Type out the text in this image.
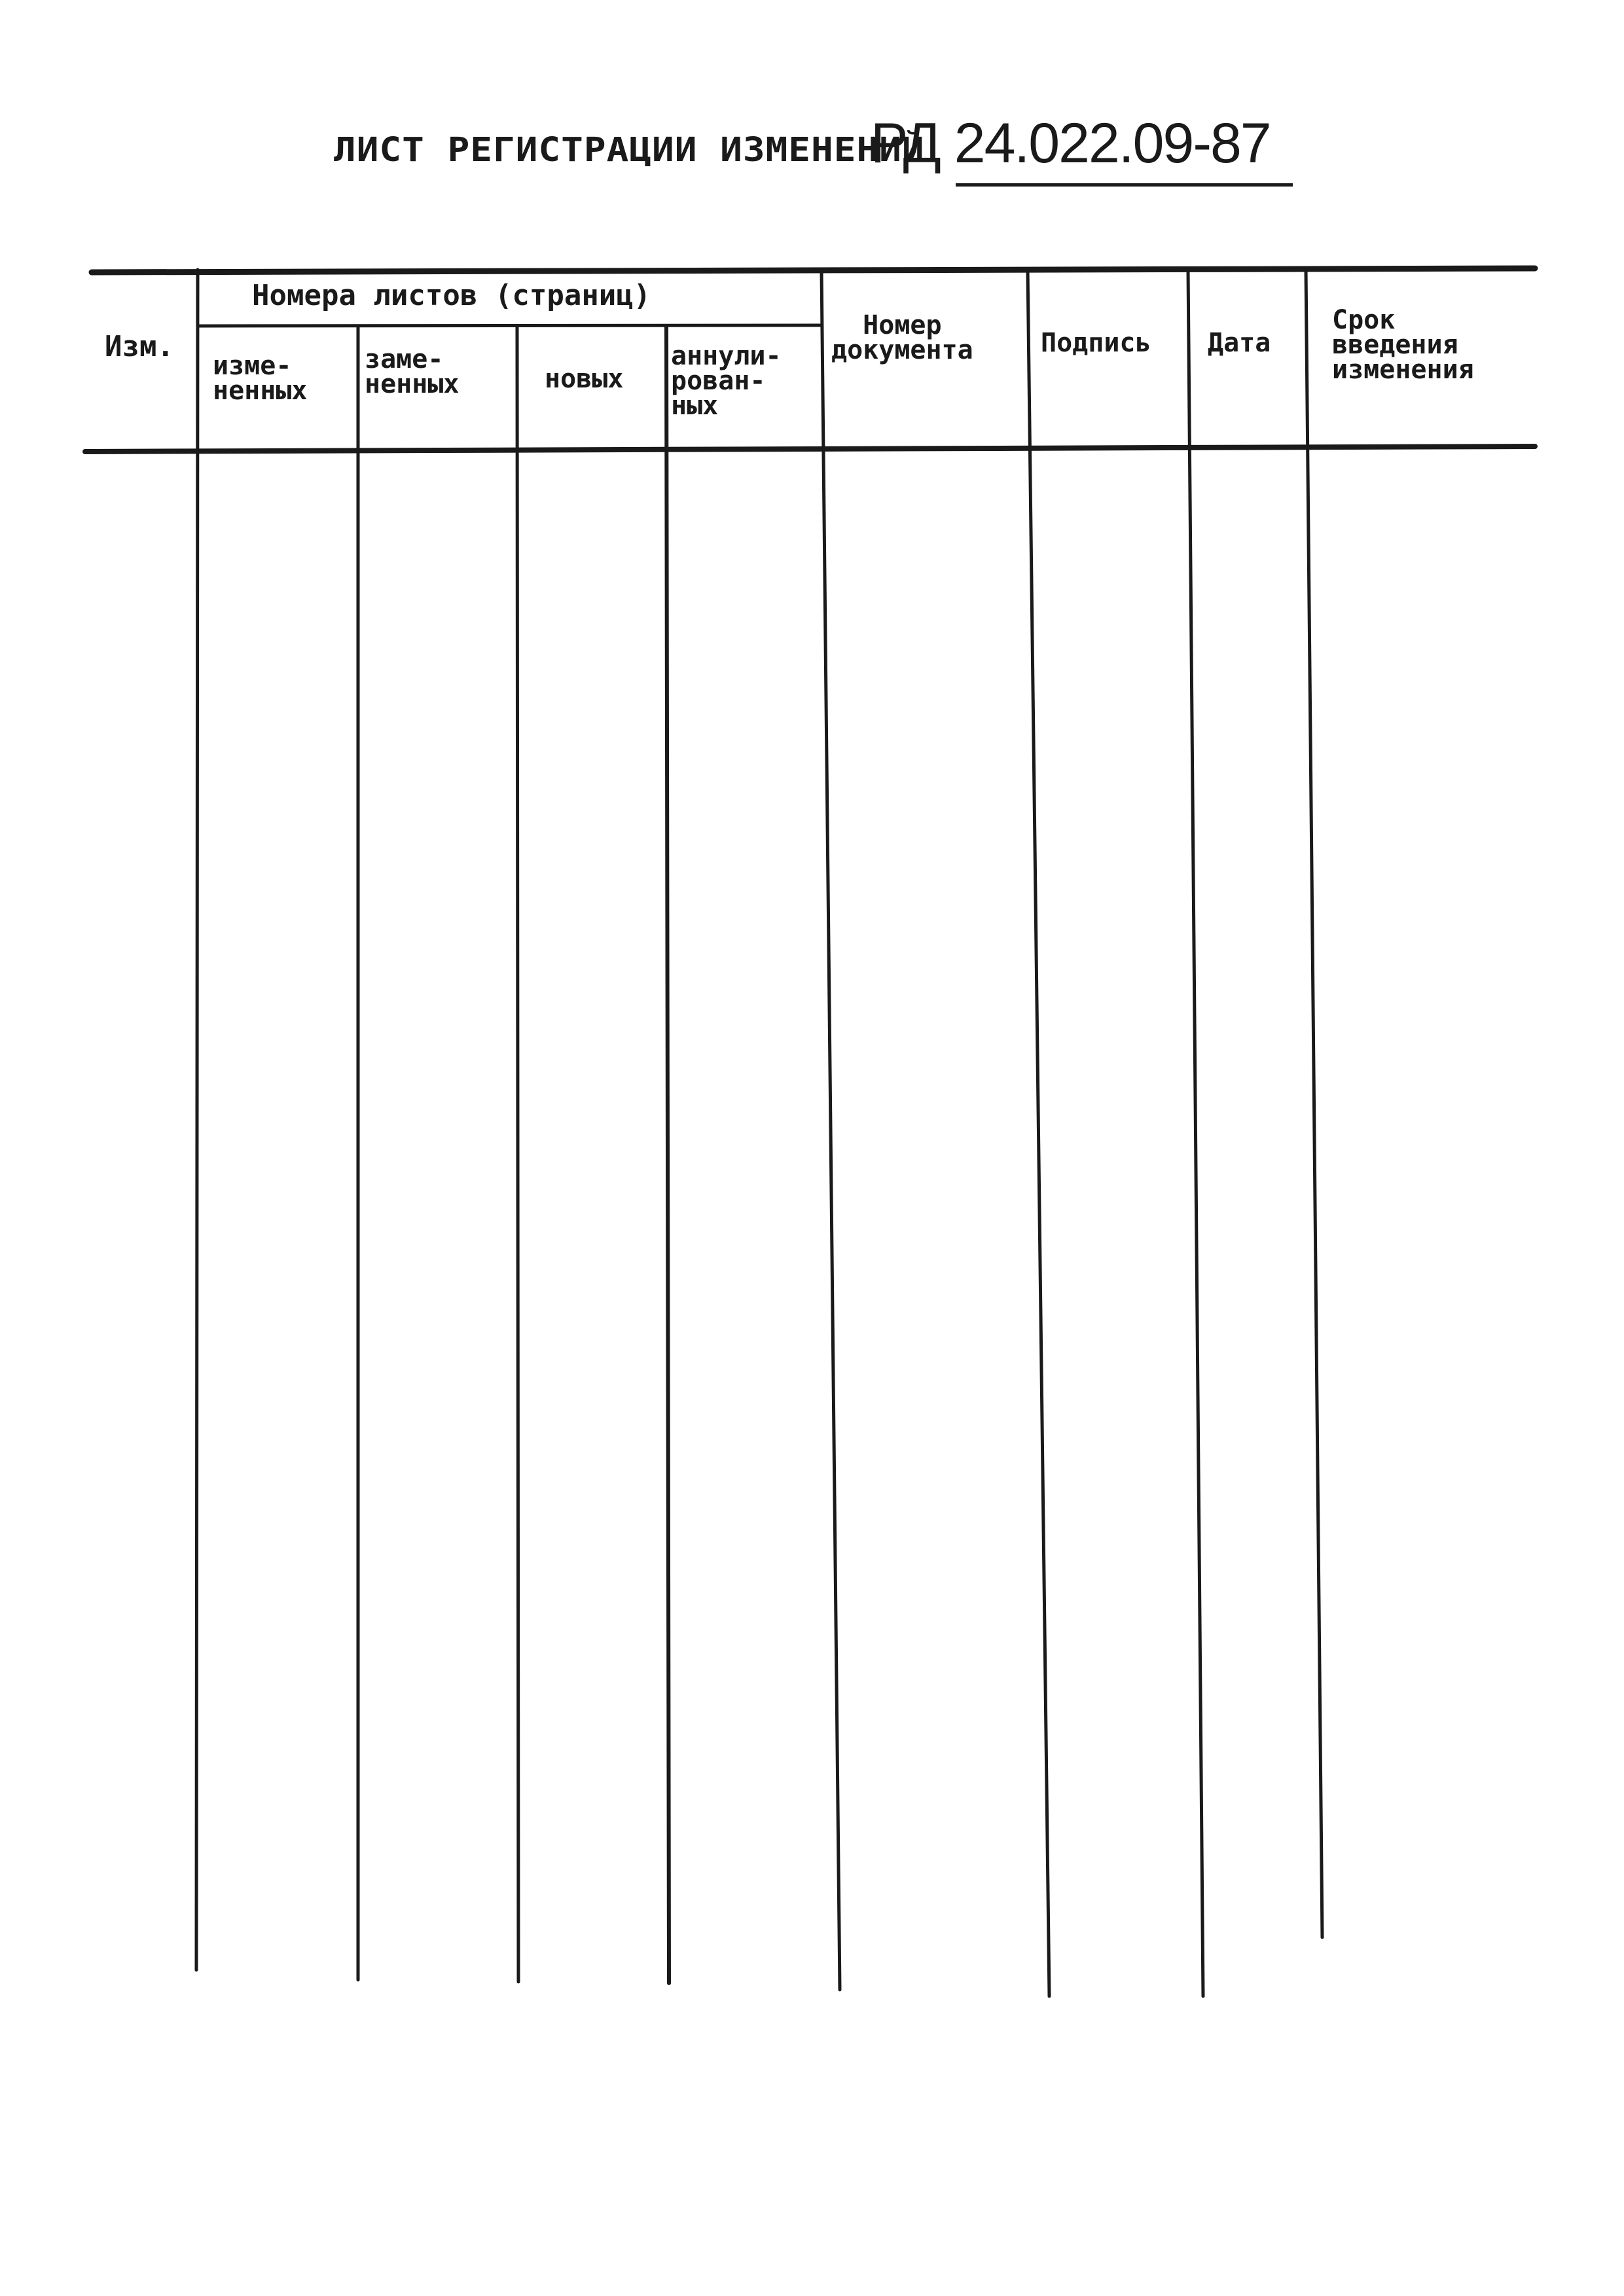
ЛИСТ РЕГИСТРАЦИИ ИЗМЕНЕНИЙ
РД 24.022.09-87
Изм.
Номера листов (страниц)
изме-
ненных
заме-
ненных	новых
аннули-
рован-
ных
Номер
документа	Подпись Дата
Срок
введения
изменения
